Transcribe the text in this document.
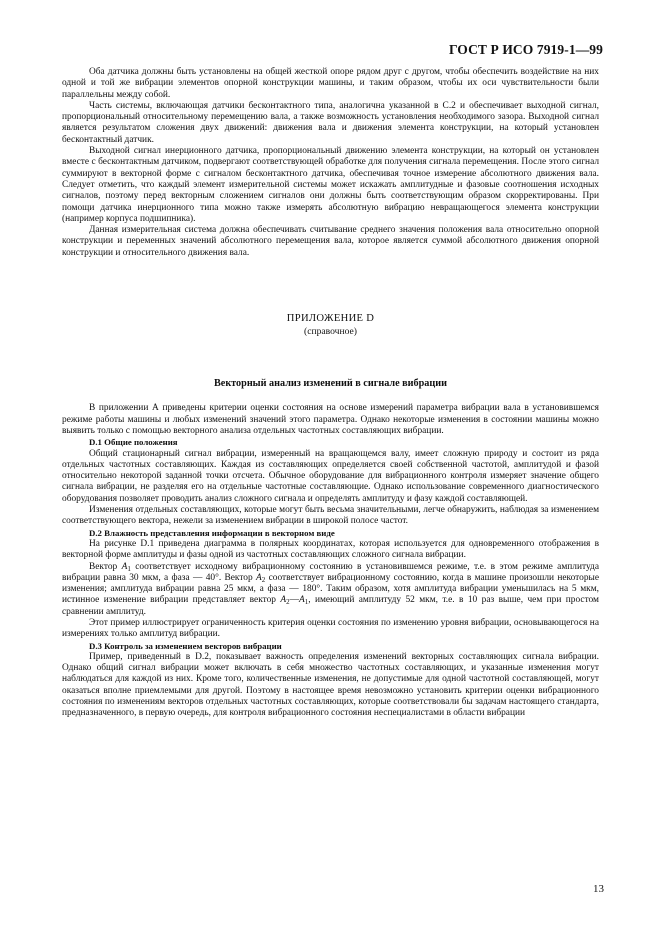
ГОСТ Р ИСО 7919-1—99

Оба датчика должны быть установлены на общей жесткой опоре рядом друг с другом, чтобы обеспечить воздействие на них одной и той же вибрации элементов опорной конструкции машины, и таким образом, чтобы их оси чувствительности были параллельны между собой.

Часть системы, включающая датчики бесконтактного типа, аналогична указанной в С.2 и обеспечивает выходной сигнал, пропорциональный относительному перемещению вала, а также возможность установления необходимого зазора. Выходной сигнал является результатом сложения двух движений: движения вала и движения элемента конструкции, на который установлен бесконтактный датчик.

Выходной сигнал инерционного датчика, пропорциональный движению элемента конструкции, на который он установлен вместе с бесконтактным датчиком, подвергают соответствующей обработке для получения сигнала перемещения. После этого сигнал суммируют в векторной форме с сигналом бесконтактного датчика, обеспечивая точное измерение абсолютного движения вала. Следует отметить, что каждый элемент измерительной системы может искажать амплитудные и фазовые соотношения исходных сигналов, поэтому перед векторным сложением сигналов они должны быть соответствующим образом скорректированы. При помощи датчика инерционного типа можно также измерять абсолютную вибрацию невращающегося элемента конструкции (например корпуса подшипника).

Данная измерительная система должна обеспечивать считывание среднего значения положения вала относительно опорной конструкции и переменных значений абсолютного перемещения вала, которое является суммой абсолютного движения опорной конструкции и относительного движения вала.

ПРИЛОЖЕНИЕ D
(справочное)
Векторный анализ изменений в сигнале вибрации

В приложении А приведены критерии оценки состояния на основе измерений параметра вибрации вала в установившемся режиме работы машины и любых изменений значений этого параметра. Однако некоторые изменения в состоянии машины можно выявить только с помощью векторного анализа отдельных частотных составляющих вибрации.

D.1 Общие положения

Общий стационарный сигнал вибрации, измеренный на вращающемся валу, имеет сложную природу и состоит из ряда отдельных частотных составляющих. Каждая из составляющих определяется своей собственной частотой, амплитудой и фазой относительно некоторой заданной точки отсчета. Обычное оборудование для вибрационного контроля измеряет значение общего сигнала вибрации, не разделяя его на отдельные частотные составляющие. Однако использование современного диагностического оборудования позволяет проводить анализ сложного сигнала и определять амплитуду и фазу каждой составляющей.

Изменения отдельных составляющих, которые могут быть весьма значительными, легче обнаружить, наблюдая за изменением соответствующего вектора, нежели за изменением вибрации в широкой полосе частот.

D.2 Влажность представления информации в векторном виде

На рисунке D.1 приведена диаграмма в полярных координатах, которая используется для одновременного отображения в векторной форме амплитуды и фазы одной из частотных составляющих сложного сигнала вибрации.

Вектор $A_1$ соответствует исходному вибрационному состоянию в установившемся режиме, т.е. в этом режиме амплитуда вибрации равна 30 мкм, а фаза — 40°. Вектор $A_2$ соответствует вибрационному состоянию, когда в машине произошли некоторые изменения; амплитуда вибрации равна 25 мкм, а фаза — 180°. Таким образом, хотя амплитуда вибрации уменьшилась на 5 мкм, истинное изменение вибрации представляет вектор $A_2—A_1$, имеющий амплитуду 52 мкм, т.е. в 10 раз выше, чем при простом сравнении амплитуд.

Этот пример иллюстрирует ограниченность критерия оценки состояния по изменению уровня вибрации, основывающегося на измерениях только амплитуд вибрации.

D.3 Контроль за изменением векторов вибрации

Пример, приведенный в D.2, показывает важность определения изменений векторных составляющих сигнала вибрации. Однако общий сигнал вибрации может включать в себя множество частотных составляющих, и указанные изменения могут наблюдаться для каждой из них. Кроме того, количественные изменения, не допустимые для одной частотной составляющей, могут оказаться вполне приемлемыми для другой. Поэтому в настоящее время невозможно установить критерии оценки вибрационного состояния по изменениям векторов отдельных частотных составляющих, которые соответствовали бы задачам настоящего стандарта, предназначенного, в первую очередь, для контроля вибрационного состояния неспециалистами в области вибрации

13
